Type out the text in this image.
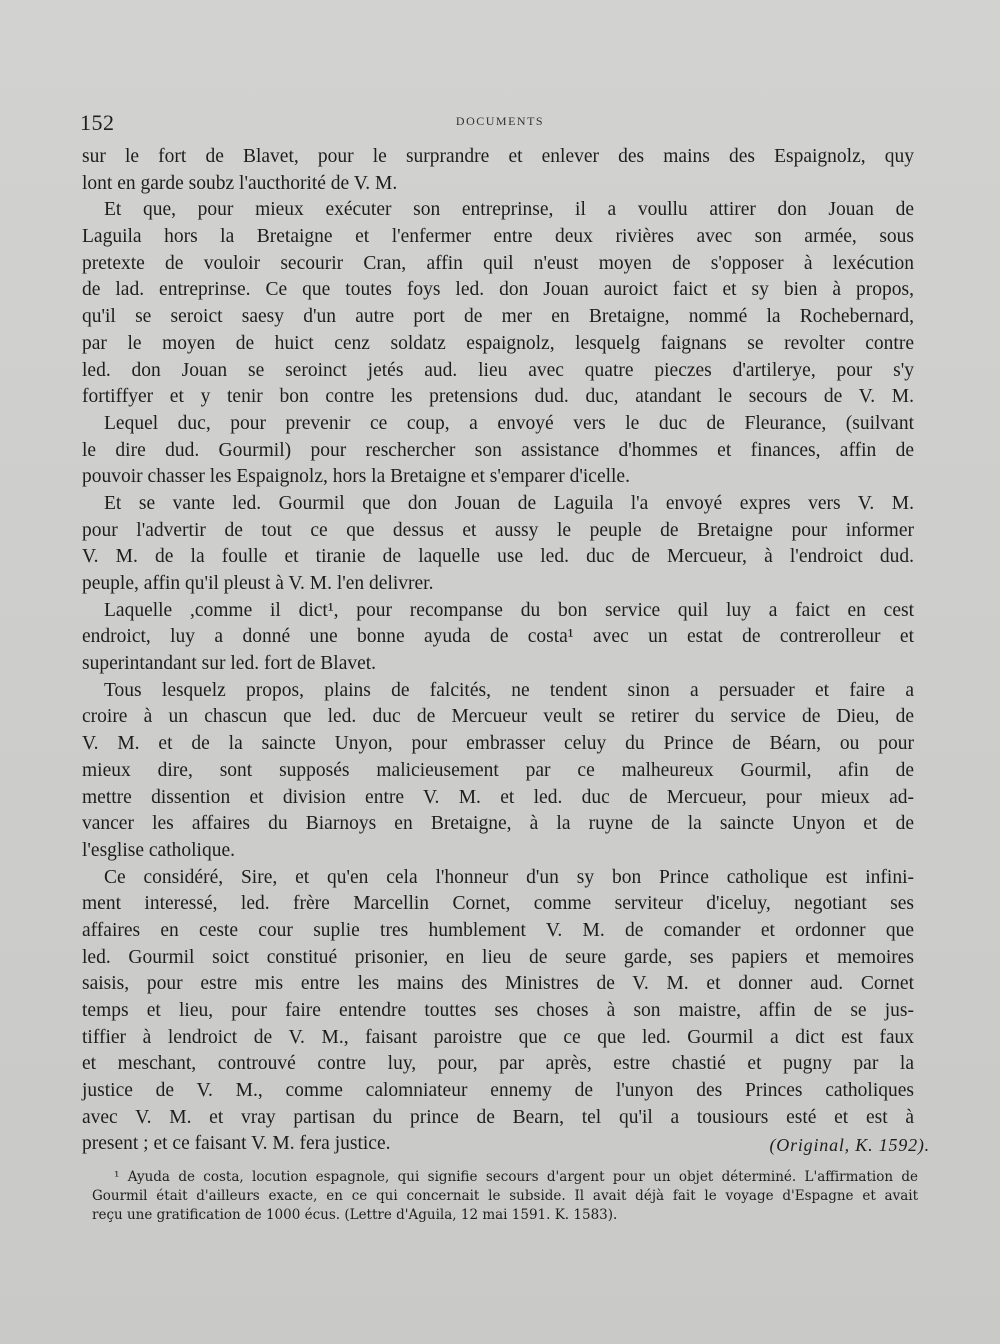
152	DOCUMENTS
sur le fort de Blavet, pour le surprandre et enlever des mains des Espaignolz, quy
lont en garde soubz l'aucthorité de V. M.
Et que, pour mieux exécuter son entreprinse, il a voullu attirer don Jouan de
Laguila hors la Bretaigne et l'enfermer entre deux rivières avec son armée, sous
pretexte de vouloir secourir Cran, affin quil n'eust moyen de s'opposer à lexécution
de lad. entreprinse. Ce que toutes foys led. don Jouan auroict faict et sy bien à propos,
qu'il se seroict saesy d'un autre port de mer en Bretaigne, nommé la Rochebernard,
par le moyen de huict cenz soldatz espaignolz, lesquelg faignans se revolter contre
led. don Jouan se seroinct jetés aud. lieu avec quatre pieczes d'artilerye, pour s'y
fortiffyer et y tenir bon contre les pretensions dud. duc, atandant le secours de V. M.
Lequel duc, pour prevenir ce coup, a envoyé vers le duc de Fleurance, (suilvant
le dire dud. Gourmil) pour reschercher son assistance d'hommes et finances, affin de
pouvoir chasser les Espaignolz, hors la Bretaigne et s'emparer d'icelle.
Et se vante led. Gourmil que don Jouan de Laguila l'a envoyé expres vers V. M.
pour l'advertir de tout ce que dessus et aussy le peuple de Bretaigne pour informer
V. M. de la foulle et tiranie de laquelle use led. duc de Mercueur, à l'endroict dud.
peuple, affin qu'il pleust à V. M. l'en delivrer.
Laquelle ,comme il dict¹, pour recompanse du bon service quil luy a faict en cest
endroict, luy a donné une bonne ayuda de costa¹ avec un estat de contrerolleur et
superintandant sur led. fort de Blavet.
Tous lesquelz propos, plains de falcités, ne tendent sinon a persuader et faire a
croire à un chascun que led. duc de Mercueur veult se retirer du service de Dieu, de
V. M. et de la saincte Unyon, pour embrasser celuy du Prince de Béarn, ou pour
mieux dire, sont supposés malicieusement par ce malheureux Gourmil, afin de
mettre dissention et division entre V. M. et led. duc de Mercueur, pour mieux ad-
vancer les affaires du Biarnoys en Bretaigne, à la ruyne de la saincte Unyon et de
l'esglise catholique.
Ce considéré, Sire, et qu'en cela l'honneur d'un sy bon Prince catholique est infini-
ment interessé, led. frère Marcellin Cornet, comme serviteur d'iceluy, negotiant ses
affaires en ceste cour suplie tres humblement V. M. de comander et ordonner que
led. Gourmil soict constitué prisonier, en lieu de seure garde, ses papiers et memoires
saisis, pour estre mis entre les mains des Ministres de V. M. et donner aud. Cornet
temps et lieu, pour faire entendre touttes ses choses à son maistre, affin de se jus-
tiffier à lendroict de V. M., faisant paroistre que ce que led. Gourmil a dict est faux
et meschant, controuvé contre luy, pour, par après, estre chastié et pugny par la
justice de V. M., comme calomniateur ennemy de l'unyon des Princes catholiques
avec V. M. et vray partisan du prince de Bearn, tel qu'il a tousiours esté et est à
present ; et ce faisant V. M. fera justice.	(Original, K. 1592).
¹ Ayuda de costa, locution espagnole, qui signifie secours d'argent pour un objet déterminé. L'affirmation de
Gourmil était d'ailleurs exacte, en ce qui concernait le subside. Il avait déjà fait le voyage d'Espagne et avait
reçu une gratification de 1000 écus. (Lettre d'Aguila, 12 mai 1591. K. 1583).
